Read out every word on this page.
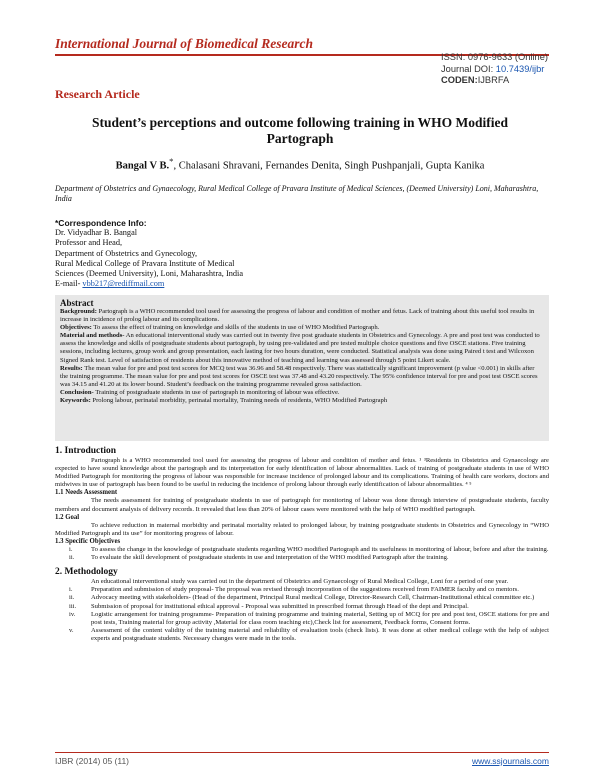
International Journal of Biomedical Research
ISSN: 0976-9633 (Online)
Journal DOI: 10.7439/ijbr
CODEN:IJBRFA
Research Article
Student’s perceptions and outcome following training in WHO Modified Partograph
Bangal V B.*, Chalasani Shravani, Fernandes Denita, Singh Pushpanjali, Gupta Kanika
Department of Obstetrics and Gynaecology, Rural Medical College of Pravara Institute of Medical Sciences, (Deemed University) Loni, Maharashtra, India
*Correspondence Info:
Dr. Vidyadhar B. Bangal
Professor and Head,
Department of Obstetrics and Gynecology,
Rural Medical College of Pravara Institute of Medical
Sciences (Deemed University), Loni, Maharashtra, India
E-mail- vbb217@rediffmail.com
Abstract

Background: Partograph is a WHO recommended tool used for assessing the progress of labour and condition of mother and fetus. Lack of training about this useful tool results in increase in incidence of prolog labour and its complications.

Objectives: To assess the effect of training on knowledge and skills of the students in use of WHO Modified Partograph.

Material and methods- An educational interventional study was carried out in twenty five post graduate students in Obstetrics and Gynecology. A pre and post test was conducted to assess the knowledge and skills of postgraduate students about partograph, by using pre-validated and pre tested multiple choice questions and five OSCE stations. Five training sessions, including lectures, group work and group presentation, each lasting for two hours duration, were conducted. Statistical analysis was done using Paired t test and Wilcoxon Signed Rank test. Level of satisfaction of residents about this innovative method of teaching and learning was assessed through 5 point Likert scale.

Results: The mean value for pre and post test scores for MCQ test was 36.96 and 58.48 respectively. There was statistically significant improvement (p value <0.001) in skills after the training programme. The mean value for pre and post test scores for OSCE test was 37.48 and 43.20 respectively. The 95% confidence interval for pre and post test OSCE scores was 34.15 and 41.20 at its lower bound. Student’s feedback on the training programme revealed gross satisfaction.

Conclusion- Training of postgraduate students in use of partograph in monitoring of labour was effective.

Keywords: Prolong labour, perinatal morbidity, perinatal mortality, Training needs of residents, WHO Modified Partograph

1. Introduction

Partograph is a WHO recommended tool used for assessing the progress of labour and condition of mother and fetus. ¹ ³Residents in Obstetrics and Gynaecology are expected to have sound knowledge about the partograph and its interpretation for early identification of labour abnormalities. Lack of training of postgraduate students in use of WHO Modified Partograph for monitoring the progress of labour was responsible for increase incidence of prolonged labour and its complications. Training of health care workers, doctors and midwives in use of partograph has been found to be useful in reducing the incidence of prolong labour through early identification of labour abnormalities. ⁴ ⁵

1.1 Needs Assessment

The needs assessment for training of postgraduate students in use of partograph for monitoring of labour was done through interview of postgraduate students, faculty members and document analysis of delivery records. It revealed that less than 20% of labour cases were monitored with the help of WHO modified partograph.

1.2 Goal

To achieve reduction in maternal morbidity and perinatal mortality related to prolonged labour, by training postgraduate students in Obstetrics and Gynecology in “WHO Modified Partograph and its use” for monitoring progress of labour.

1.3 Specific Objectives

i.	To assess the change in the knowledge of postgraduate students regarding WHO modified Partograph and its usefulness in monitoring of labour, before and after the training.

ii.	To evaluate the skill development of postgraduate students in use and interpretation of the WHO modified Partograph after the training.

2. Methodology

An educational interventional study was carried out in the department of Obstetrics and Gynaecology of Rural Medical College, Loni for a period of one year.

i.	Preparation and submission of study proposal- The proposal was revised through incorporation of the suggestions received from FAIMER faculty and co mentors.

ii.	Advocacy meeting with stakeholders- (Head of the department, Principal Rural medical College, Director-Research Cell, Chairman-Institutional ethical committee etc.)

iii. Submission of proposal for institutional ethical approval - Proposal was submitted in prescribed format through Head of the dept and Principal.

iv. Logistic arrangement for training programme- Preparation of training programme and training material, Setting up of MCQ for pre and post test, OSCE stations for pre and post tests, Training material for group activity ,Material for class room teaching etc),Check list for assessment, Feedback forms, Consent forms.

v.	Assessment of the content validity of the training material and reliability of evaluation tools (check lists). It was done at other medical college with the help of subject experts and postgraduate students. Necessary changes were made in the tools.

IJBR (2014) 05 (11)	www.ssjournals.com
